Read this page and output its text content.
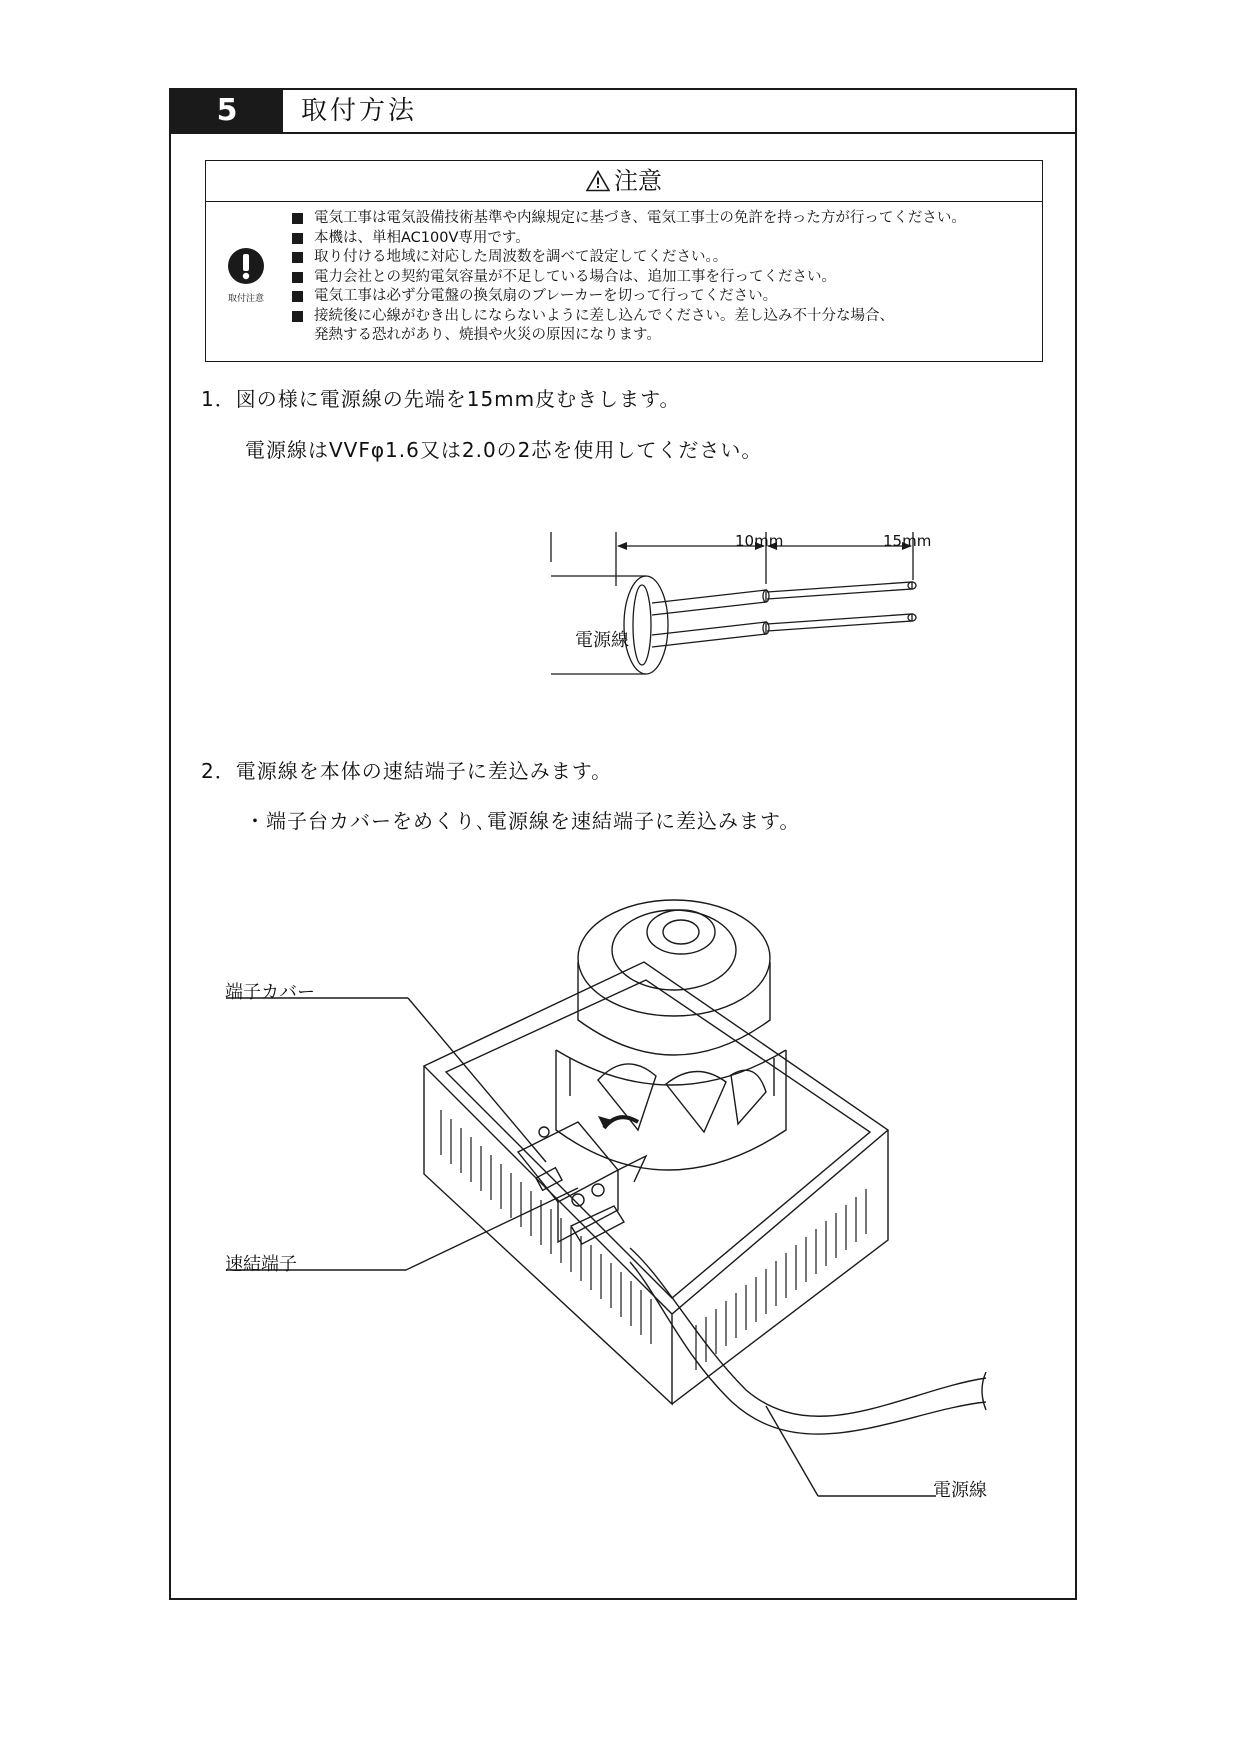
5	取付方法
注意
取付注意
電気工事は電気設備技術基準や内線規定に基づき、電気工事士の免許を持った方が行ってください。
本機は、単相AC100V専用です。
取り付ける地域に対応した周波数を調べて設定してください。。
電力会社との契約電気容量が不足している場合は、追加工事を行ってください。
電気工事は必ず分電盤の換気扇のブレーカーを切って行ってください。
接続後に心線がむき出しにならないように差し込んでください。差し込み不十分な場合、
発熱する恐れがあり、焼損や火災の原因になります。
1．図の様に電源線の先端を15mm皮むきします。
電源線はVVFφ1.6又は2.0の2芯を使用してください。
10mm	15mm
電源線
2．電源線を本体の速結端子に差込みます。
・端子台カバーをめくり､電源線を速結端子に差込みます。
端子カバー
速結端子
電源線
